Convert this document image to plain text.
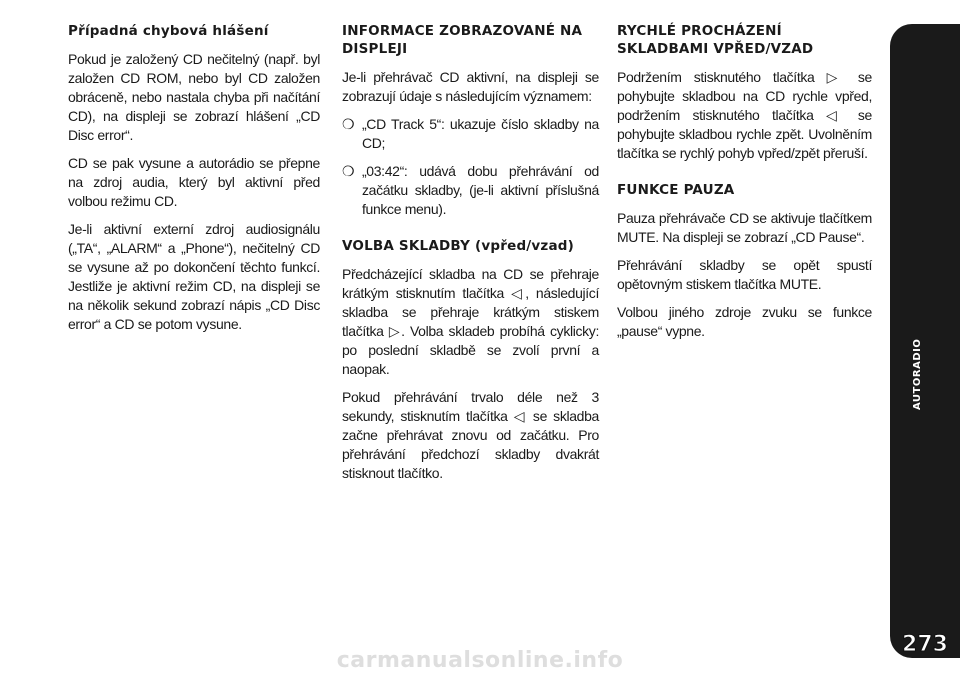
Případná chybová hlášení

Pokud je založený CD nečitelný (např. byl založen CD ROM, nebo byl CD založen obráceně, nebo nastala chyba při načítání CD), na displeji se zobrazí hlášení „CD Disc error“.

CD se pak vysune a autorádio se přepne na zdroj audia, který byl aktivní před volbou režimu CD.

Je-li aktivní externí zdroj audiosignálu („TA“, „ALARM“ a „Phone“), nečitelný CD se vysune až po dokončení těchto funkcí. Jestliže je aktivní režim CD, na displeji se na několik sekund zobrazí nápis „CD Disc error“ a CD se potom vysune.

INFORMACE ZOBRAZOVANÉ NA DISPLEJI

Je-li přehrávač CD aktivní, na displeji se zobrazují údaje s následujícím významem:

❍ „CD Track 5“: ukazuje číslo skladby na CD;

❍ „03:42“: udává dobu přehrávání od začátku skladby, (je-li aktivní příslušná funkce menu).

VOLBA SKLADBY (vpřed/vzad)

Předcházející skladba na CD se přehraje krátkým stisknutím tlačítka ◁, následující skladba se přehraje krátkým stiskem tlačítka ▷. Volba skladeb probíhá cyklicky: po poslední skladbě se zvolí první a naopak.

Pokud přehrávání trvalo déle než 3 sekundy, stisknutím tlačítka ◁ se skladba začne přehrávat znovu od začátku. Pro přehrávání předchozí skladby dvakrát stisknout tlačítko.

RYCHLÉ PROCHÁZENÍ SKLADBAMI VPŘED/VZAD

Podržením stisknutého tlačítka ▷ se pohybujte skladbou na CD rychle vpřed, podržením stisknutého tlačítka ◁ se pohybujte skladbou rychle zpět. Uvolněním tlačítka se rychlý pohyb vpřed/zpět přeruší.

FUNKCE PAUZA

Pauza přehrávače CD se aktivuje tlačítkem MUTE. Na displeji se zobrazí „CD Pause“.

Přehrávání skladby se opět spustí opětovným stiskem tlačítka MUTE.

Volbou jiného zdroje zvuku se funkce „pause“ vypne.

AUTORADIO
273
carmanualsonline.info
